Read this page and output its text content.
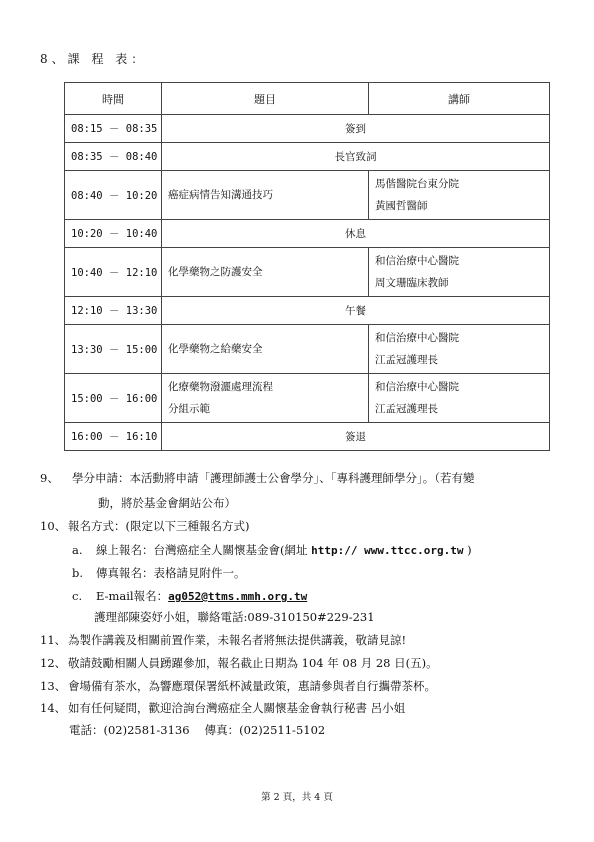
8、課 程 表：
時間	題目	講師
08:15 － 08:35	簽到	
08:35 － 08:40	長官致詞	
08:40 － 10:20	癌症病情告知溝通技巧	馬偕醫院台東分院
黃國哲醫師

10:20 － 10:40	休息	
10:40 － 12:10	化學藥物之防護安全	和信治療中心醫院
周文珊臨床教師

12:10 － 13:30	午餐	
13:30 － 15:00	化學藥物之給藥安全	和信治療中心醫院
江孟冠護理長

15:00 － 16:00	化療藥物潑灑處理流程
分組示範	和信治療中心醫院
江孟冠護理長

16:00 － 16:10	簽退	
9、 學分申請：本活動將申請「護理師護士公會學分」、「專科護理師學分」。（若有變
動，將於基金會網站公布）
10、 報名方式：(限定以下三種報名方式)
a. 線上報名：台灣癌症全人關懷基金會(網址 http:// www.ttcc.org.tw )
b. 傳真報名：表格請見附件一。
c. E-mail報名：ag052@ttms.mmh.org.tw
護理部陳姿妤小姐，聯絡電話:089-310150#229-231
11、 為製作講義及相關前置作業，未報名者將無法提供講義，敬請見諒!
12、 敬請鼓勵相關人員踴躍參加，報名截止日期為 104 年 08 月 28 日(五)。
13、 會場備有茶水，為響應環保署紙杯減量政策，惠請參與者自行攜帶茶杯。
14、 如有任何疑問，歡迎洽詢台灣癌症全人關懷基金會執行秘書 呂小姐
電話：(02)2581-3136　 傳真：(02)2511-5102
第 2 頁，共 4 頁
